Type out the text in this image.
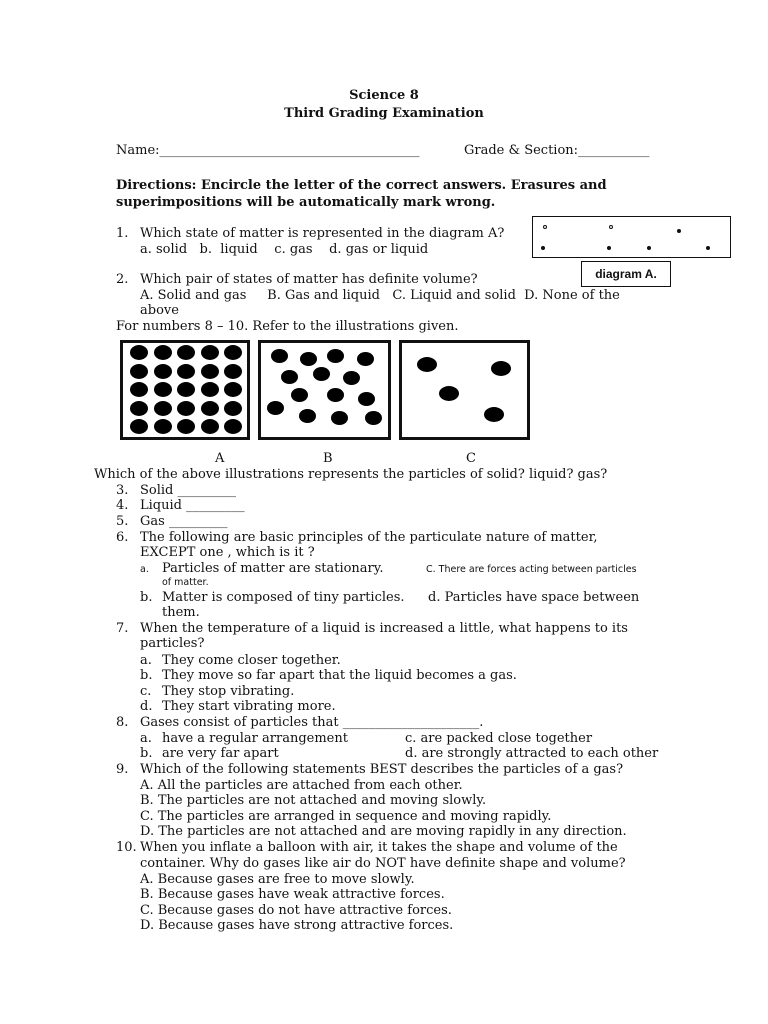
Science 8
Third Grading Examination
Name:________________________________________	Grade & Section:___________
Directions: Encircle the letter of the correct answers. Erasures and
superimpositions will be automatically mark wrong.
diagram A.
1. Which state of matter is represented in the diagram A?
a. solid   b.  liquid    c. gas    d. gas or liquid
2. Which pair of states of matter has definite volume?
A. Solid and gas     B. Gas and liquid   C. Liquid and solid  D. None of the
above
For numbers 8 – 10. Refer to the illustrations given.
A	B	C
Which of the above illustrations represents the particles of solid? liquid? gas?
3. Solid _________
4. Liquid _________
5. Gas _________
6. The following are basic principles of the particulate nature of matter,
EXCEPT one , which is it ?
a. Particles of matter are stationary.	C. There are forces acting between particles
of matter.
b. Matter is composed of tiny particles. d. Particles have space between
them.
7. When the temperature of a liquid is increased a little, what happens to its
particles?
a. They come closer together.
b. They move so far apart that the liquid becomes a gas.
c. They stop vibrating.
d. They start vibrating more.
8. Gases consist of particles that _____________________.
a. have a regular arrangement	c. are packed close together
b. are very far apart	d. are strongly attracted to each other
9. Which of the following statements BEST describes the particles of a gas?
A. All the particles are attached from each other.
B. The particles are not attached and moving slowly.
C. The particles are arranged in sequence and moving rapidly.
D. The particles are not attached and are moving rapidly in any direction.
10. When you inflate a balloon with air, it takes the shape and volume of the
container. Why do gases like air do NOT have definite shape and volume?
A. Because gases are free to move slowly.
B. Because gases have weak attractive forces.
C. Because gases do not have attractive forces.
D. Because gases have strong attractive forces.
